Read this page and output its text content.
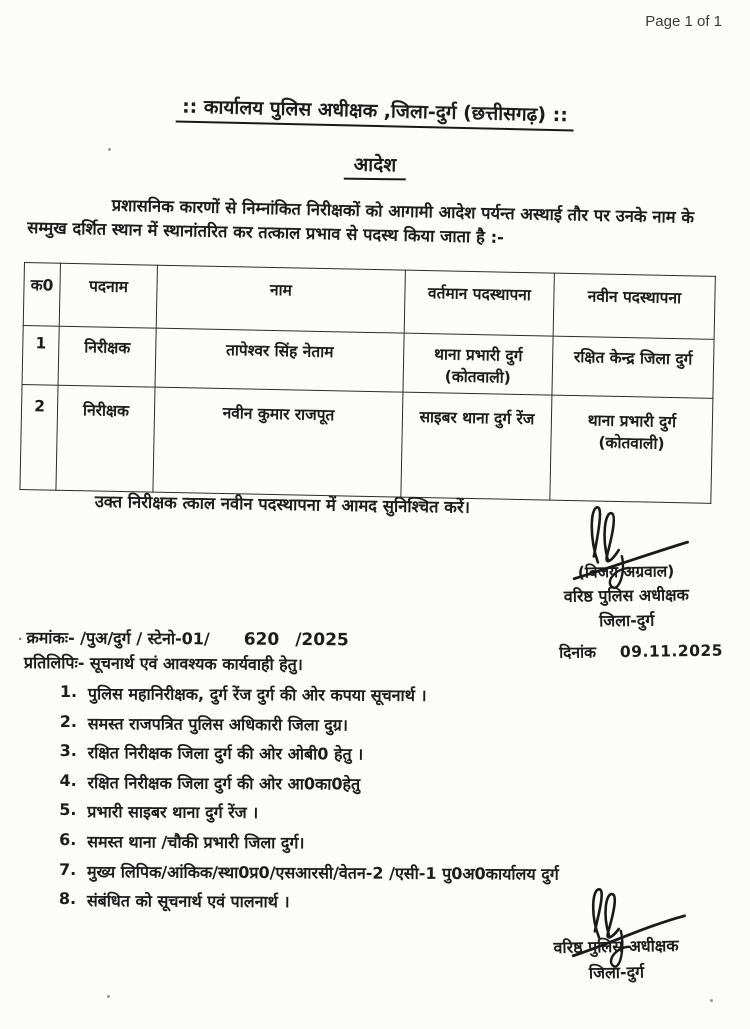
Page 1 of 1
:: कार्यालय पुलिस अधीक्षक ,जिला-दुर्ग (छत्तीसगढ़) ::
आदेश
प्रशासनिक कारणों से निम्नांकित निरीक्षकों को आगामी आदेश पर्यन्त अस्थाई तौर पर उनके नाम के सम्मुख दर्शित स्थान में स्थानांतरित कर तत्काल प्रभाव से पदस्थ किया जाता है :-
क0	पदनाम	नाम	वर्तमान पदस्थापना	नवीन पदस्थापना
1	निरीक्षक	तापेश्वर सिंह नेताम	थाना प्रभारी दुर्ग (कोतवाली)	रक्षित केन्द्र जिला दुर्ग
2	निरीक्षक	नवीन कुमार राजपूत	साइबर थाना दुर्ग रेंज	थाना प्रभारी दुर्ग (कोतवाली)
उक्त निरीक्षक त्काल नवीन पदस्थापना में आमद सुनिश्चित करें।
(विजय अग्रवाल)
वरिष्ठ पुलिस अधीक्षक
जिला-दुर्ग
दिनांक 09.11.2025
· क्रमांकः- /पुअ/दुर्ग / स्टेनो-01/ 620 /2025
प्रतिलिपिः- सूचनार्थ एवं आवश्यक कार्यवाही हेतु।
1. पुलिस महानिरीक्षक, दुर्ग रेंज दुर्ग की ओर कपया सूचनार्थ ।
2. समस्त राजपत्रित पुलिस अधिकारी जिला दुग्र।
3. रक्षित निरीक्षक जिला दुर्ग की ओर ओबी0 हेतु ।
4. रक्षित निरीक्षक जिला दुर्ग की ओर आ0का0हेतु
5. प्रभारी साइबर थाना दुर्ग रेंज ।
6. समस्त थाना /चौकी प्रभारी जिला दुर्ग।
7. मुख्य लिपिक/आंकिक/स्था0प्र0/एसआरसी/वेतन-2 /एसी-1 पु0अ0कार्यालय दुर्ग
8. संबंधित को सूचनार्थ एवं पालनार्थ ।
वरिष्ठ पुलिस अधीक्षक
जिला-दुर्ग
